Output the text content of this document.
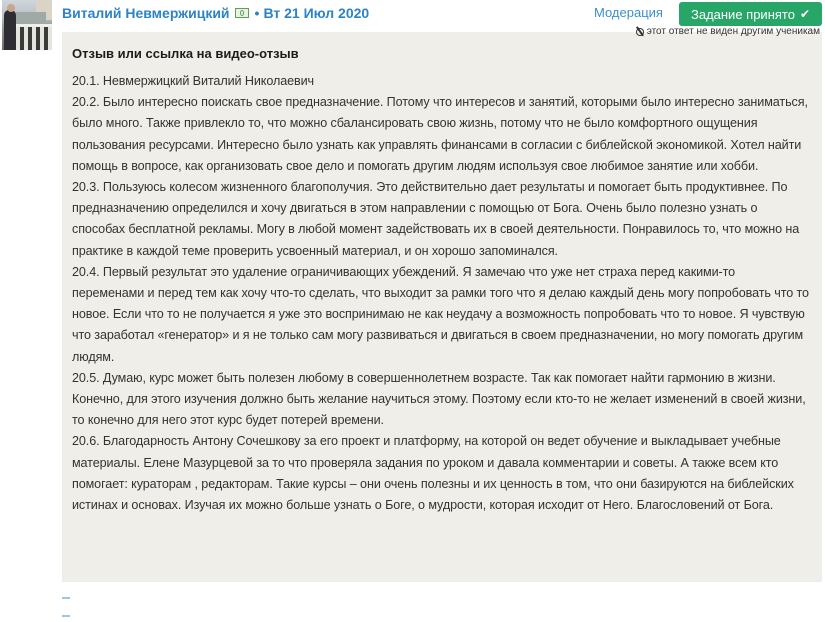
Виталий Невмержицкий • Вт 21 Июл 2020	Модерация Задание принято ✔
этот ответ не виден другим ученикам
Отзыв или ссылка на видео-отзыв

20.1. Невмержицкий Виталий Николаевич

20.2. Было интересно поискать свое предназначение. Потому что интересов и занятий, которыми было интересно заниматься, было много. Также привлекло то, что можно сбалансировать свою жизнь, потому что не было комфортного ощущения пользования ресурсами. Интересно было узнать как управлять финансами в согласии с библейской экономикой. Хотел найти помощь в вопросе, как организовать свое дело и помогать другим людям используя свое любимое занятие или хобби.

20.3. Пользуюсь колесом жизненного благополучия. Это действительно дает результаты и помогает быть продуктивнее. По предназначению определился и хочу двигаться в этом направлении с помощью от Бога. Очень было полезно узнать о способах бесплатной рекламы. Могу в любой момент задействовать их в своей деятельности. Понравилось то, что можно на практике в каждой теме проверить усвоенный материал, и он хорошо запоминался.

20.4. Первый результат это удаление ограничивающих убеждений. Я замечаю что уже нет страха перед какими-то переменами и перед тем как хочу что-то сделать, что выходит за рамки того что я делаю каждый день могу попробовать что то новое. Если что то не получается я уже это воспринимаю не как неудачу а возможность попробовать что то новое. Я чувствую что заработал «генератор» и я не только сам могу развиваться и двигаться в своем предназначении, но могу помогать другим людям.

20.5. Думаю, курс может быть полезен любому в совершеннолетнем возрасте. Так как помогает найти гармонию в жизни. Конечно, для этого изучения должно быть желание научиться этому. Поэтому если кто-то не желает изменений в своей жизни, то конечно для него этот курс будет потерей времени.

20.6. Благодарность Антону Сочешкову за его проект и платформу, на которой он ведет обучение и выкладывает учебные материалы. Елене Мазурцевой за то что проверяла задания по уроком и давала комментарии и советы. А также всем кто помогает: кураторам , редакторам. Такие курсы – они очень полезны и их ценность в том, что они базируются на библейских истинах и основах. Изучая их можно больше узнать о Боге, о мудрости, которая исходит от Него. Благословений от Бога.
